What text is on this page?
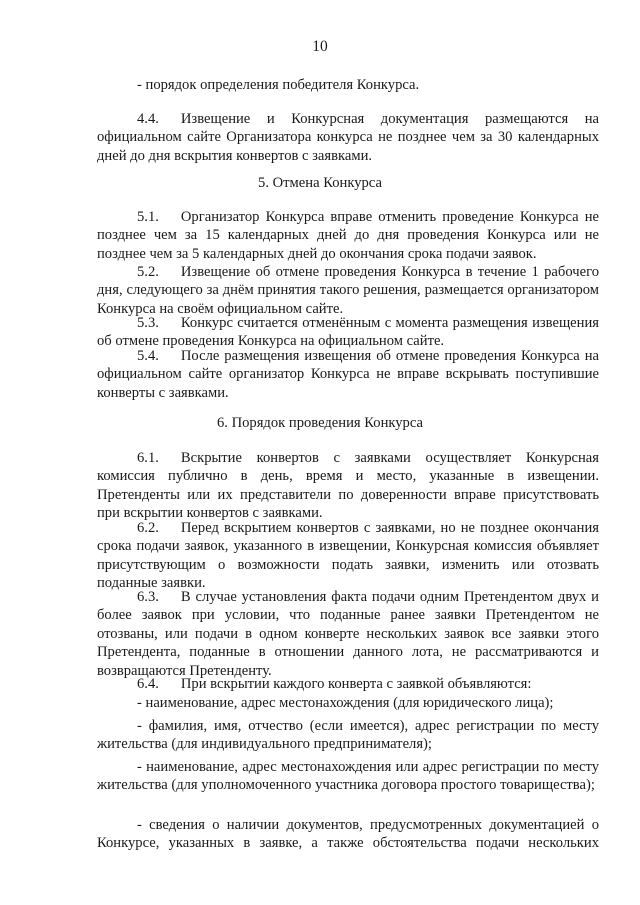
10

- порядок определения победителя Конкурса.

4.4. Извещение и Конкурсная документация размещаются на официальном сайте Организатора конкурса не позднее чем за 30 календарных дней до дня вскрытия конвертов с заявками.

5. Отмена Конкурса

5.1. Организатор Конкурса вправе отменить проведение Конкурса не позднее чем за 15 календарных дней до дня проведения Конкурса или не позднее чем за 5 календарных дней до окончания срока подачи заявок.

5.2. Извещение об отмене проведения Конкурса в течение 1 рабочего дня, следующего за днём принятия такого решения, размещается организатором Конкурса на своём официальном сайте.

5.3. Конкурс считается отменённым с момента размещения извещения об отмене проведения Конкурса на официальном сайте.

5.4. После размещения извещения об отмене проведения Конкурса на официальном сайте организатор Конкурса не вправе вскрывать поступившие конверты с заявками.

6. Порядок проведения Конкурса

6.1. Вскрытие конвертов с заявками осуществляет Конкурсная комиссия публично в день, время и место, указанные в извещении. Претенденты или их представители по доверенности вправе присутствовать при вскрытии конвертов с заявками.

6.2. Перед вскрытием конвертов с заявками, но не позднее окончания срока подачи заявок, указанного в извещении, Конкурсная комиссия объявляет присутствующим о возможности подать заявки, изменить или отозвать поданные заявки.

6.3. В случае установления факта подачи одним Претендентом двух и более заявок при условии, что поданные ранее заявки Претендентом не отозваны, или подачи в одном конверте нескольких заявок все заявки этого Претендента, поданные в отношении данного лота, не рассматриваются и возвращаются Претенденту.

6.4. При вскрытии каждого конверта с заявкой объявляются:

- наименование, адрес местонахождения (для юридического лица);

- фамилия, имя, отчество (если имеется), адрес регистрации по месту жительства (для индивидуального предпринимателя);

- наименование, адрес местонахождения или адрес регистрации по месту жительства (для уполномоченного участника договора простого товарищества);

- сведения о наличии документов, предусмотренных документацией о Конкурсе, указанных в заявке, а также обстоятельства подачи нескольких
